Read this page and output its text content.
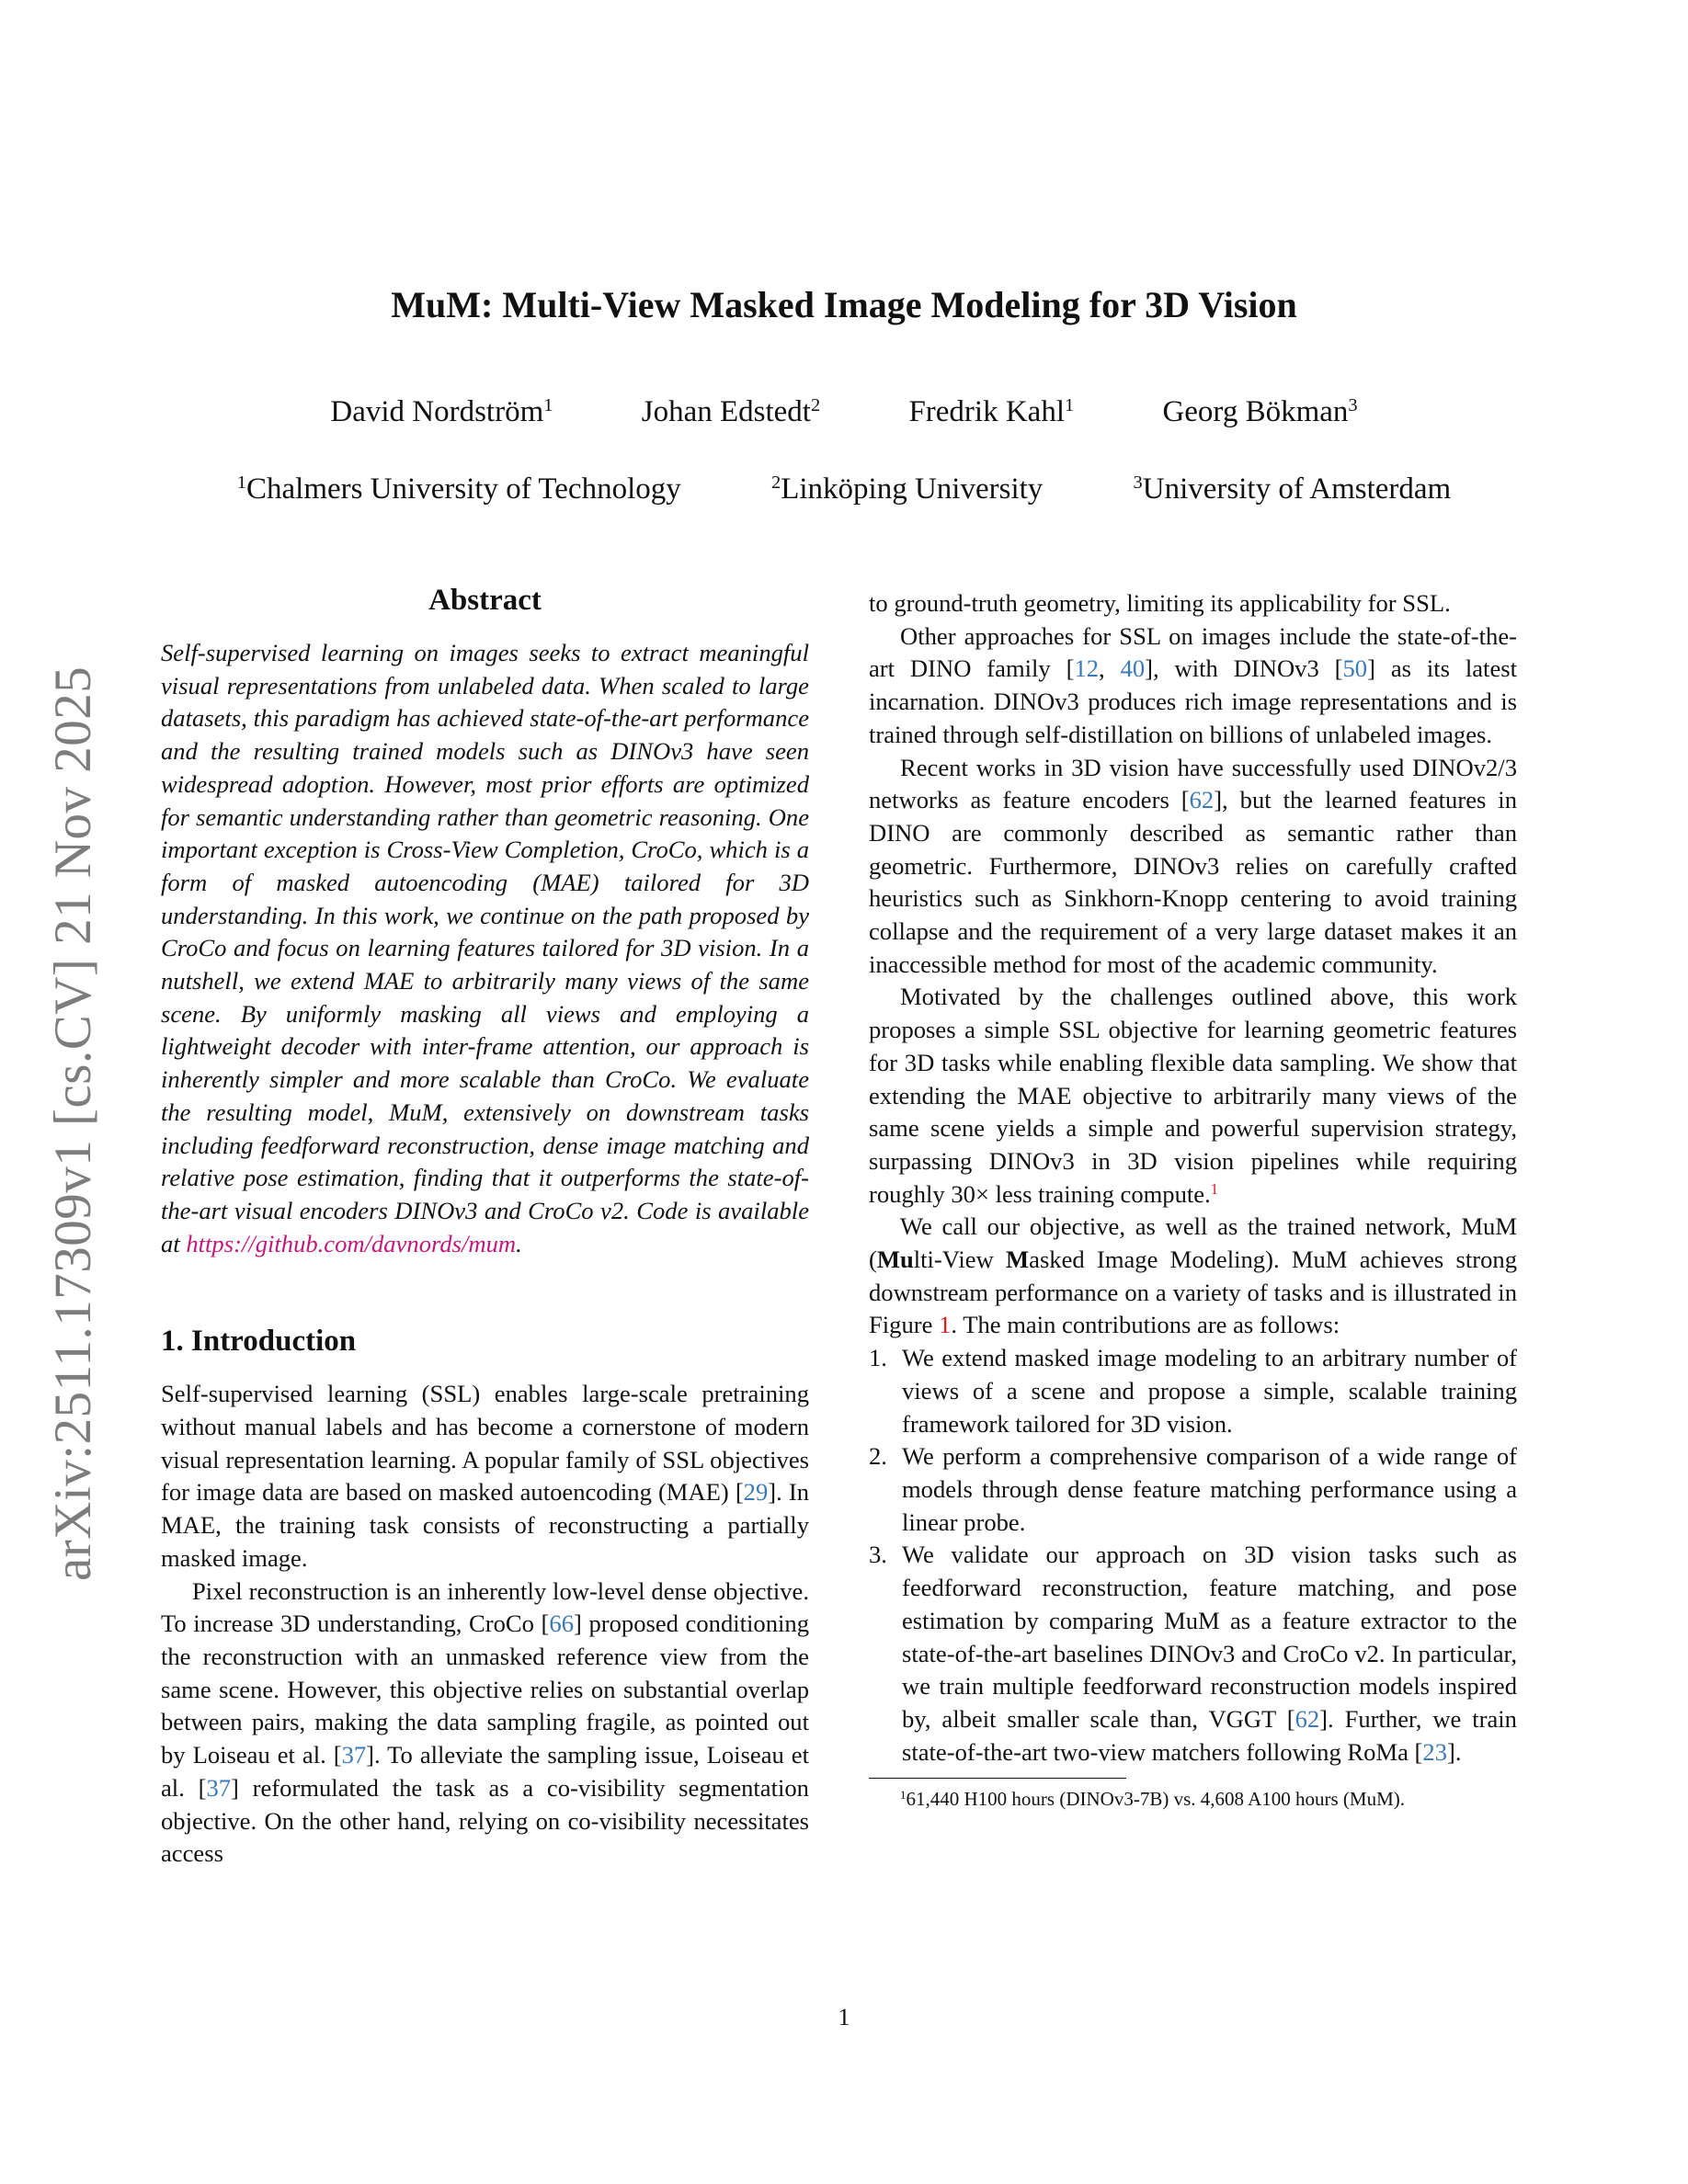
arXiv:2511.17309v1 [cs.CV] 21 Nov 2025
MuM: Multi-View Masked Image Modeling for 3D Vision
David Nordström$^1$	Johan Edstedt$^2$	Fredrik Kahl$^1$	Georg Bökman$^3$
$^1$Chalmers University of Technology	$^2$Linköping University	$^3$University of Amsterdam
Abstract

Self-supervised learning on images seeks to extract meaningful visual representations from unlabeled data. When scaled to large datasets, this paradigm has achieved state-of-the-art performance and the resulting trained models such as DINOv3 have seen widespread adoption. However, most prior efforts are optimized for semantic understanding rather than geometric reasoning. One important exception is Cross-View Completion, CroCo, which is a form of masked autoencoding (MAE) tailored for 3D understanding. In this work, we continue on the path proposed by CroCo and focus on learning features tailored for 3D vision. In a nutshell, we extend MAE to arbitrarily many views of the same scene. By uniformly masking all views and employing a lightweight decoder with inter-frame attention, our approach is inherently simpler and more scalable than CroCo. We evaluate the resulting model, MuM, extensively on downstream tasks including feedforward reconstruction, dense image matching and relative pose estimation, finding that it outperforms the state-of-the-art visual encoders DINOv3 and CroCo v2. Code is available at https://github.com/davnords/mum.

1. Introduction

Self-supervised learning (SSL) enables large-scale pretraining without manual labels and has become a cornerstone of modern visual representation learning. A popular family of SSL objectives for image data are based on masked autoencoding (MAE) [29]. In MAE, the training task consists of reconstructing a partially masked image.

Pixel reconstruction is an inherently low-level dense objective. To increase 3D understanding, CroCo [66] proposed conditioning the reconstruction with an unmasked reference view from the same scene. However, this objective relies on substantial overlap between pairs, making the data sampling fragile, as pointed out by Loiseau et al. [37]. To alleviate the sampling issue, Loiseau et al. [37] reformulated the task as a co-visibility segmentation objective. On the other hand, relying on co-visibility necessitates access

to ground-truth geometry, limiting its applicability for SSL.

Other approaches for SSL on images include the state-of-the-art DINO family [12, 40], with DINOv3 [50] as its latest incarnation. DINOv3 produces rich image representations and is trained through self-distillation on billions of unlabeled images.

Recent works in 3D vision have successfully used DINOv2/3 networks as feature encoders [62], but the learned features in DINO are commonly described as semantic rather than geometric. Furthermore, DINOv3 relies on carefully crafted heuristics such as Sinkhorn-Knopp centering to avoid training collapse and the requirement of a very large dataset makes it an inaccessible method for most of the academic community.

Motivated by the challenges outlined above, this work proposes a simple SSL objective for learning geometric features for 3D tasks while enabling flexible data sampling. We show that extending the MAE objective to arbitrarily many views of the same scene yields a simple and powerful supervision strategy, surpassing DINOv3 in 3D vision pipelines while requiring roughly 30× less training compute.$^1$

We call our objective, as well as the trained network, MuM (Multi-View Masked Image Modeling). MuM achieves strong downstream performance on a variety of tasks and is illustrated in Figure 1. The main contributions are as follows:

1. We extend masked image modeling to an arbitrary number of views of a scene and propose a simple, scalable training framework tailored for 3D vision.
2. We perform a comprehensive comparison of a wide range of models through dense feature matching performance using a linear probe.
3. We validate our approach on 3D vision tasks such as feedforward reconstruction, feature matching, and pose estimation by comparing MuM as a feature extractor to the state-of-the-art baselines DINOv3 and CroCo v2. In particular, we train multiple feedforward reconstruction models inspired by, albeit smaller scale than, VGGT [62]. Further, we train state-of-the-art two-view matchers following RoMa [23].
$^1$61,440 H100 hours (DINOv3-7B) vs. 4,608 A100 hours (MuM).
1
